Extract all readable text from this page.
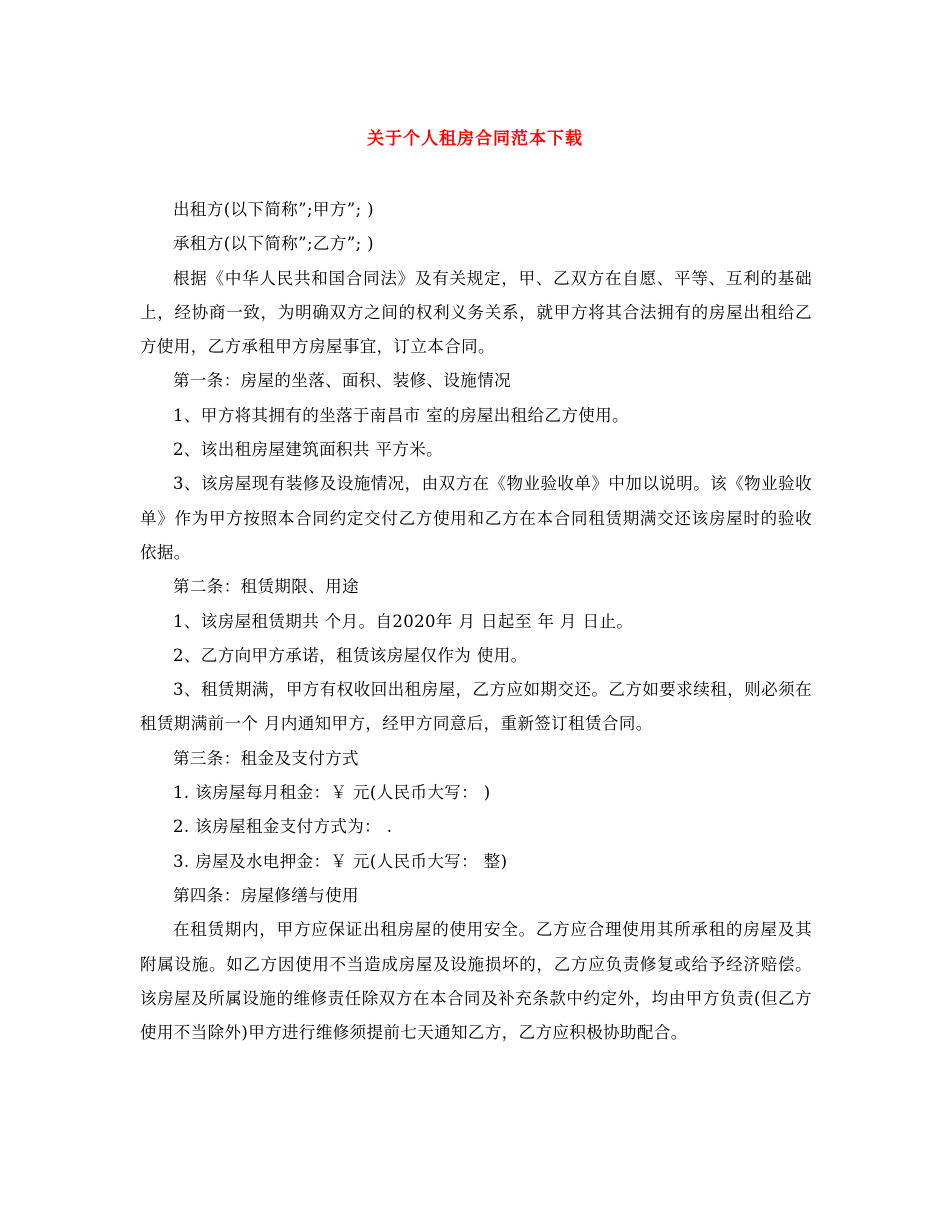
关于个人租房合同范本下载

出租方(以下简称”;甲方”; )

承租方(以下简称”;乙方”; )

根据《中华人民共和国合同法》及有关规定，甲、乙双方在自愿、平等、互利的基础上，经协商一致，为明确双方之间的权利义务关系，就甲方将其合法拥有的房屋出租给乙方使用，乙方承租甲方房屋事宜，订立本合同。

第一条：房屋的坐落、面积、装修、设施情况

1、甲方将其拥有的坐落于南昌市 室的房屋出租给乙方使用。

2、该出租房屋建筑面积共 平方米。

3、该房屋现有装修及设施情况，由双方在《物业验收单》中加以说明。该《物业验收单》作为甲方按照本合同约定交付乙方使用和乙方在本合同租赁期满交还该房屋时的验收依据。

第二条：租赁期限、用途

1、该房屋租赁期共 个月。自2020年 月 日起至 年 月 日止。

2、乙方向甲方承诺，租赁该房屋仅作为 使用。

3、租赁期满，甲方有权收回出租房屋，乙方应如期交还。乙方如要求续租，则必须在租赁期满前一个 月内通知甲方，经甲方同意后，重新签订租赁合同。

第三条：租金及支付方式

1. 该房屋每月租金：￥ 元(人民币大写： )

2. 该房屋租金支付方式为： .

3. 房屋及水电押金：￥ 元(人民币大写： 整)

第四条：房屋修缮与使用

在租赁期内，甲方应保证出租房屋的使用安全。乙方应合理使用其所承租的房屋及其附属设施。如乙方因使用不当造成房屋及设施损坏的，乙方应负责修复或给予经济赔偿。该房屋及所属设施的维修责任除双方在本合同及补充条款中约定外，均由甲方负责(但乙方使用不当除外)甲方进行维修须提前七天通知乙方，乙方应积极协助配合。
